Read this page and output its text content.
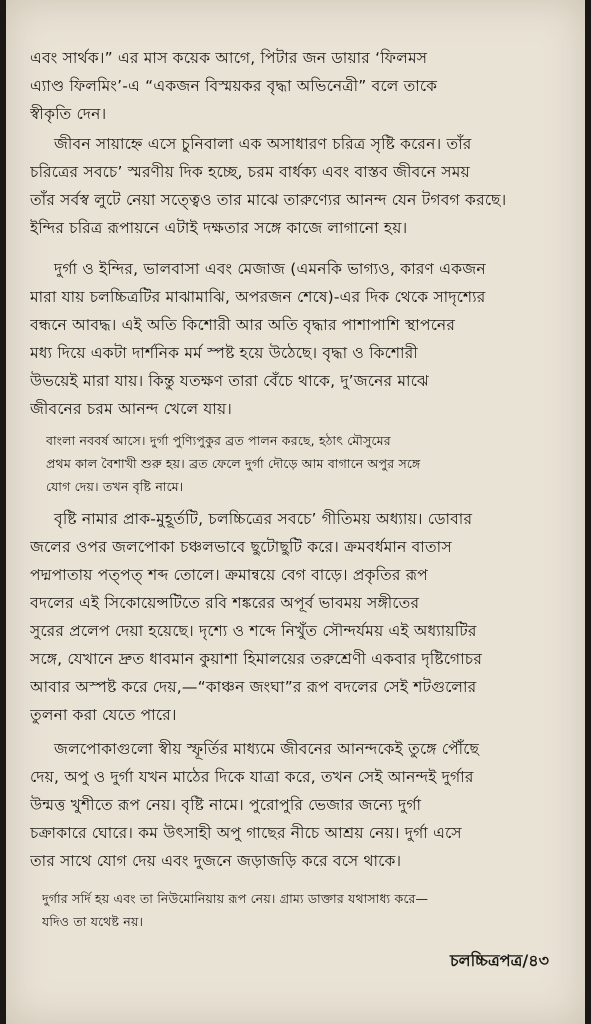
এবং সার্থক।” এর মাস কয়েক আগে, পিটার জন ডায়ার ‘ফিলমস
এ্যাণ্ড ফিলমিং’-এ “একজন বিস্ময়কর বৃদ্ধা অভিনেত্রী” বলে তাকে
স্বীকৃতি দেন।
জীবন সায়াহ্নে এসে চুনিবালা এক অসাধারণ চরিত্র সৃষ্টি করেন। তাঁর
চরিত্রের সবচে’ স্মরণীয় দিক হচ্ছে, চরম বার্ধক্য এবং বাস্তব জীবনে সময়
তাঁর সর্বস্ব লুটে নেয়া সত্ত্বেও তার মাঝে তারুণ্যের আনন্দ যেন টগবগ করছে।
ইন্দির চরিত্র রূপায়নে এটাই দক্ষতার সঙ্গে কাজে লাগানো হয়।
দুর্গা ও ইন্দির, ভালবাসা এবং মেজাজ (এমনকি ভাগ্যও, কারণ একজন
মারা যায় চলচ্চিত্রটির মাঝামাঝি, অপরজন শেষে)-এর দিক থেকে সাদৃশ্যের
বন্ধনে আবদ্ধ। এই অতি কিশোরী আর অতি বৃদ্ধার পাশাপাশি স্থাপনের
মধ্য দিয়ে একটা দার্শনিক মর্ম স্পষ্ট হয়ে উঠেছে। বৃদ্ধা ও কিশোরী
উভয়েই মারা যায়। কিন্তু যতক্ষণ তারা বেঁচে থাকে, দু’জনের মাঝে
জীবনের চরম আনন্দ খেলে যায়।
বাংলা নববর্ষ আসে। দুর্গা পুণ্যিপুকুর ব্রত পালন করছে, হঠাৎ মৌসুমের
প্রথম কাল বৈশাখী শুরু হয়। ব্রত ফেলে দুর্গা দৌড়ে আম বাগানে অপুর সঙ্গে
যোগ দেয়। তখন বৃষ্টি নামে।
বৃষ্টি নামার প্রাক-মুহূর্তটি, চলচ্চিত্রের সবচে’ গীতিময় অধ্যায়। ডোবার
জলের ওপর জলপোকা চঞ্চলভাবে ছুটোছুটি করে। ক্রমবর্ধমান বাতাস
পদ্মপাতায় পত্‌পত্ শব্দ তোলে। ক্রমান্বয়ে বেগ বাড়ে। প্রকৃতির রূপ
বদলের এই সিকোয়েন্সটিতে রবি শঙ্করের অপূর্ব ভাবময় সঙ্গীতের
সুরের প্রলেপ দেয়া হয়েছে। দৃশ্যে ও শব্দে নিখুঁত সৌন্দর্যময় এই অধ্যায়টির
সঙ্গে, যেখানে দ্রুত ধাবমান কুয়াশা হিমালয়ের তরুশ্রেণী একবার দৃষ্টিগোচর
আবার অস্পষ্ট করে দেয়,—“কাঞ্চন জংঘা”র রূপ বদলের সেই শটগুলোর
তুলনা করা যেতে পারে।
জলপোকাগুলো স্বীয় স্ফূর্তির মাধ্যমে জীবনের আনন্দকেই তুঙ্গে পৌঁছে
দেয়, অপু ও দুর্গা যখন মাঠের দিকে যাত্রা করে, তখন সেই আনন্দই দুর্গার
উন্মত্ত খুশীতে রূপ নেয়। বৃষ্টি নামে। পুরোপুরি ভেজার জন্যে দুর্গা
চক্রাকারে ঘোরে। কম উৎসাহী অপু গাছের নীচে আশ্রয় নেয়। দুর্গা এসে
তার সাথে যোগ দেয় এবং দুজনে জড়াজড়ি করে বসে থাকে।
দুর্গার সর্দি হয় এবং তা নিউমোনিয়ায় রূপ নেয়। গ্রাম্য ডাক্তার যথাসাধ্য করে—
যদিও তা যথেষ্ট নয়।
চলচ্চিত্রপত্র/৪৩
